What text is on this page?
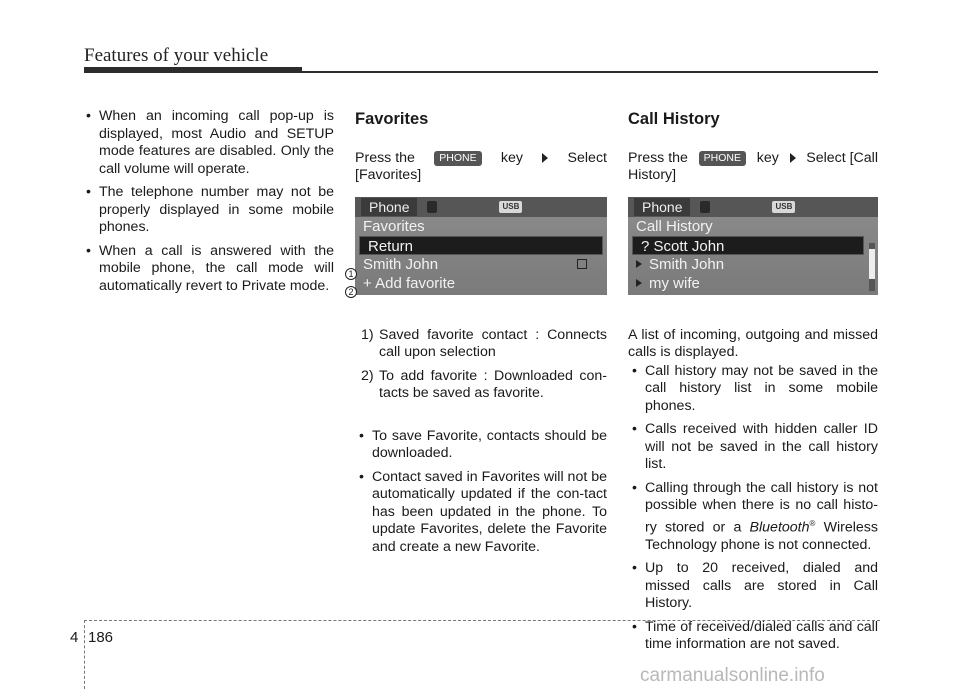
Features of your vehicle
• When an incoming call pop-up is displayed, most Audio and SETUP mode features are disabled. Only the call volume will operate.
• The telephone number may not be properly displayed in some mobile phones.
• When a call is answered with the mobile phone, the call mode will automatically revert to Private mode.
Favorites
Press the	PHONE	key	Select
[Favorites]
Phone	USB
Favorites
Return
Smith John
+ Add favorite
1) Saved favorite contact : Connects call upon selection
2) To add favorite : Downloaded con-tacts be saved as favorite.
• To save Favorite, contacts should be downloaded.
• Contact saved in Favorites will not be automatically updated if the con-tact has been updated in the phone. To update Favorites, delete the Favorite and create a new Favorite.
1
2
Call History
Press the	PHONE	key Select [Call
History]
Phone	USB
Call History
? Scott John
Smith John
my wife

A list of incoming, outgoing and missed calls is displayed.

• Call history may not be saved in the call history list in some mobile phones.
• Calls received with hidden caller ID will not be saved in the call history list.
• Calling through the call history is not possible when there is no call histo-ry stored or a Bluetooth® Wireless Technology phone is not connected.
• Up to 20 received, dialed and missed calls are stored in Call History.
• Time of received/dialed calls and call time information are not saved.
4 186
carmanualsonline.info
